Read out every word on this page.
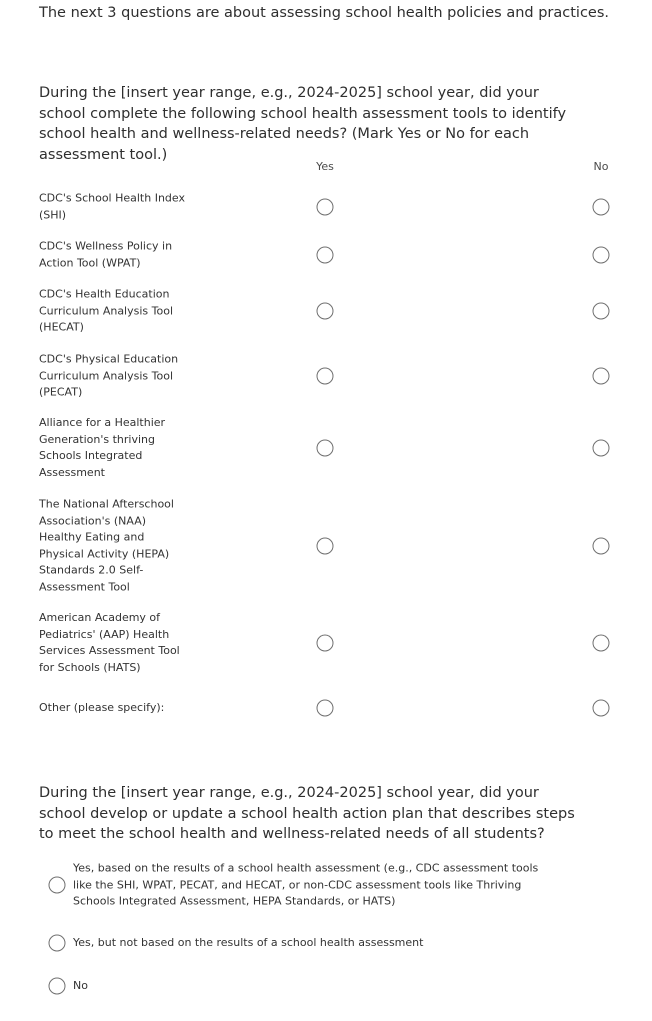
The next 3 questions are about assessing school health policies and practices.
During the [insert year range, e.g., 2024-2025] school year, did your school complete the following school health assessment tools to identify school health and wellness-related needs? (Mark Yes or No for each assessment tool.)
Yes	No
CDC's School Health Index (SHI)
CDC's Wellness Policy in Action Tool (WPAT)
CDC's Health Education Curriculum Analysis Tool (HECAT)
CDC's Physical Education Curriculum Analysis Tool (PECAT)
Alliance for a Healthier Generation's thriving Schools Integrated Assessment
The National Afterschool Association's (NAA) Healthy Eating and Physical Activity (HEPA) Standards 2.0 Self-Assessment Tool
American Academy of Pediatrics' (AAP) Health Services Assessment Tool for Schools (HATS)
Other (please specify):
During the [insert year range, e.g., 2024-2025] school year, did your school develop or update a school health action plan that describes steps to meet the school health and wellness-related needs of all students?
Yes, based on the results of a school health assessment (e.g., CDC assessment tools like the SHI, WPAT, PECAT, and HECAT, or non-CDC assessment tools like Thriving Schools Integrated Assessment, HEPA Standards, or HATS)
Yes, but not based on the results of a school health assessment
No
